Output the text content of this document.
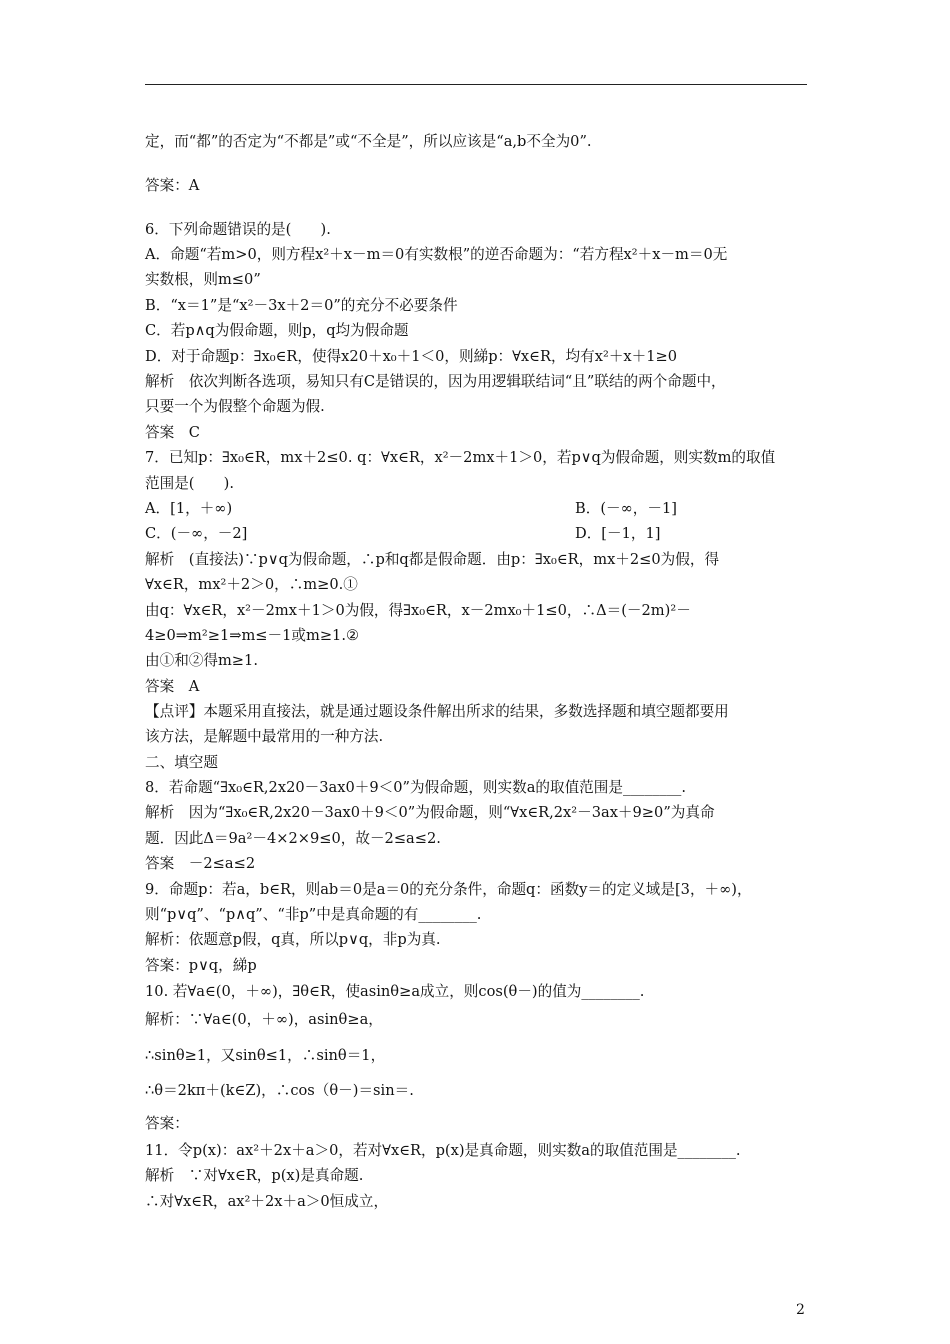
定，而“都”的否定为“不都是”或“不全是”，所以应该是“a,b不全为0”.
答案：A
6．下列命题错误的是(　　).
A．命题“若m>0，则方程x²＋x－m＝0有实数根”的逆否命题为：“若方程x²＋x－m＝0无
实数根，则m≤0”
B．“x＝1”是“x²－3x＋2＝0”的充分不必要条件
C．若p∧q为假命题，则p，q均为假命题
D．对于命题p：∃x₀∈R，使得x20＋x₀＋1＜0，则綈p：∀x∈R，均有x²＋x＋1≥0
解析　依次判断各选项，易知只有C是错误的，因为用逻辑联结词“且”联结的两个命题中，
只要一个为假整个命题为假.
答案　C
7．已知p：∃x₀∈R，mx＋2≤0. q：∀x∈R，x²－2mx＋1＞0，若p∨q为假命题，则实数m的取值
范围是(　　).
A．[1，＋∞)	B．(－∞，－1]
C．(－∞，－2]	D．[－1，1]
解析　(直接法)∵p∨q为假命题，∴p和q都是假命题．由p：∃x₀∈R，mx＋2≤0为假，得
∀x∈R，mx²＋2＞0，∴m≥0.①
由q：∀x∈R，x²－2mx＋1＞0为假，得∃x₀∈R，x－2mx₀＋1≤0，∴Δ＝(－2m)²－
4≥0⇒m²≥1⇒m≤－1或m≥1.②
由①和②得m≥1.
答案　A
【点评】本题采用直接法，就是通过题设条件解出所求的结果，多数选择题和填空题都要用
该方法，是解题中最常用的一种方法.
二、填空题
8．若命题“∃x₀∈R,2x20－3ax0＋9＜0”为假命题，则实数a的取值范围是________.
解析　因为“∃x₀∈R,2x20－3ax0＋9＜0”为假命题，则“∀x∈R,2x²－3ax＋9≥0”为真命
题．因此Δ＝9a²－4×2×9≤0，故－2≤a≤2.
答案　－2≤a≤2
9．命题p：若a，b∈R，则ab＝0是a＝0的充分条件，命题q：函数y＝的定义域是[3，＋∞)，
则“p∨q”、“p∧q”、“非p”中是真命题的有________.
解析：依题意p假，q真，所以p∨q，非p为真.
答案：p∨q，綈p
10. 若∀a∈(0，＋∞)，∃θ∈R，使asinθ≥a成立，则cos(θ－)的值为________.
解析：∵∀a∈(0，＋∞)，asinθ≥a，
∴sinθ≥1，又sinθ≤1，∴sinθ＝1，
∴θ＝2kπ＋(k∈Z)，∴cos（θ－)＝sin＝.
答案：
11．令p(x)：ax²＋2x＋a＞0，若对∀x∈R，p(x)是真命题，则实数a的取值范围是________.
解析　∵对∀x∈R，p(x)是真命题.
∴对∀x∈R，ax²＋2x＋a＞0恒成立，
2
